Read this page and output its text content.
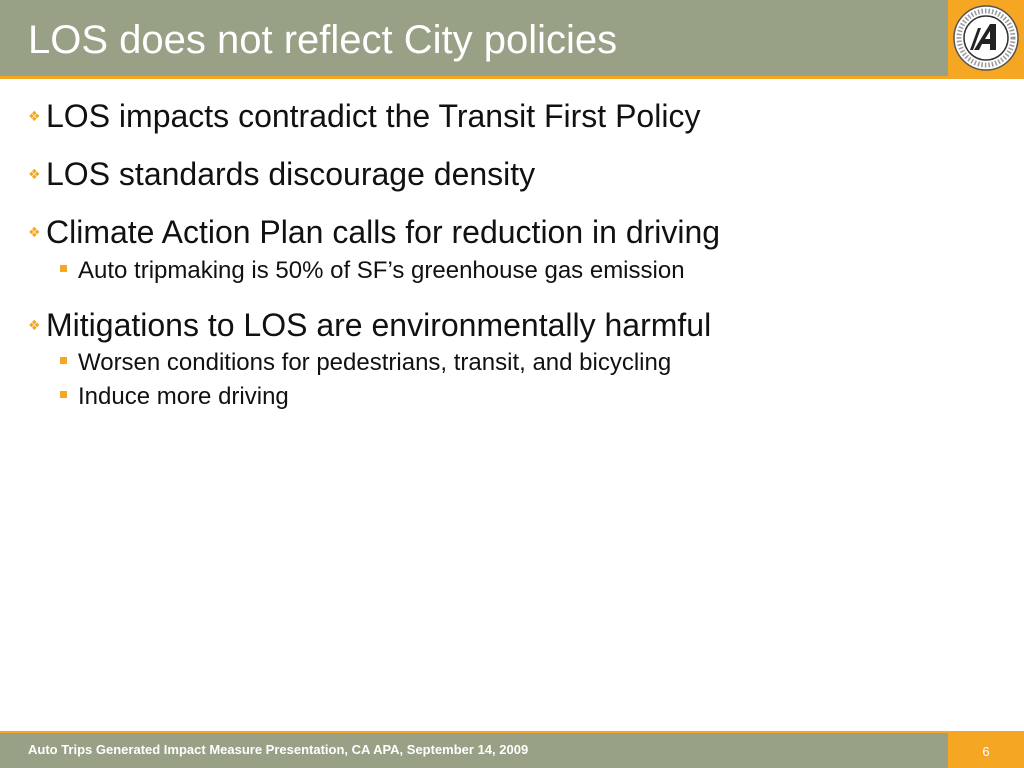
LOS does not reflect City policies
❖ LOS impacts contradict the Transit First Policy
❖ LOS standards discourage density
❖ Climate Action Plan calls for reduction in driving
Auto tripmaking is 50% of SF’s greenhouse gas emission
❖ Mitigations to LOS are environmentally harmful
Worsen conditions for pedestrians, transit, and bicycling
Induce more driving
Auto Trips Generated Impact Measure Presentation, CA APA, September 14, 2009	6
